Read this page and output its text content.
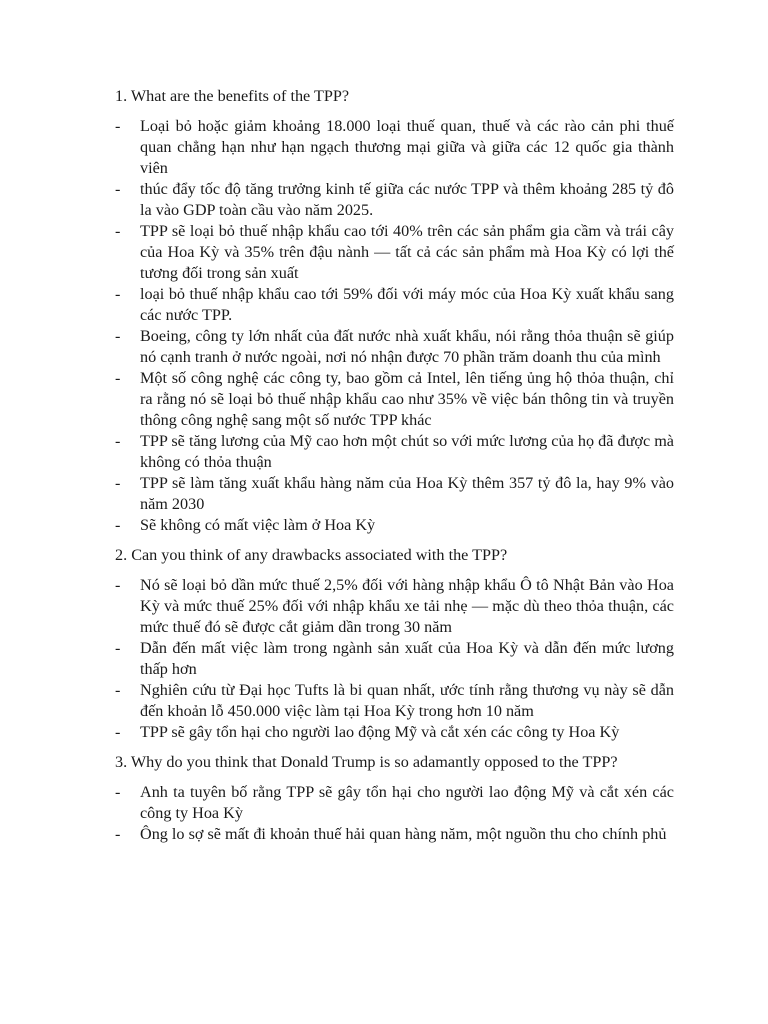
1. What are the benefits of the TPP?

- Loại bỏ hoặc giảm khoảng 18.000 loại thuế quan, thuế và các rào cản phi thuế quan chẳng hạn như hạn ngạch thương mại giữa và giữa các 12 quốc gia thành viên
- thúc đẩy tốc độ tăng trưởng kinh tế giữa các nước TPP và thêm khoảng 285 tỷ đô la vào GDP toàn cầu vào năm 2025.
- TPP sẽ loại bỏ thuế nhập khẩu cao tới 40% trên các sản phẩm gia cầm và trái cây của Hoa Kỳ và 35% trên đậu nành — tất cả các sản phẩm mà Hoa Kỳ có lợi thế tương đối trong sản xuất
- loại bỏ thuế nhập khẩu cao tới 59% đối với máy móc của Hoa Kỳ xuất khẩu sang các nước TPP.
- Boeing, công ty lớn nhất của đất nước nhà xuất khẩu, nói rằng thỏa thuận sẽ giúp nó cạnh tranh ở nước ngoài, nơi nó nhận được 70 phần trăm doanh thu của mình
- Một số công nghệ các công ty, bao gồm cả Intel, lên tiếng ủng hộ thỏa thuận, chỉ ra rằng nó sẽ loại bỏ thuế nhập khẩu cao như 35% về việc bán thông tin và truyền thông công nghệ sang một số nước TPP khác
- TPP sẽ tăng lương của Mỹ cao hơn một chút so với mức lương của họ đã được mà không có thỏa thuận
- TPP sẽ làm tăng xuất khẩu hàng năm của Hoa Kỳ thêm 357 tỷ đô la, hay 9% vào năm 2030
- Sẽ không có mất việc làm ở Hoa Kỳ

2. Can you think of any drawbacks associated with the TPP?

- Nó sẽ loại bỏ dần mức thuế 2,5% đối với hàng nhập khẩu Ô tô Nhật Bản vào Hoa Kỳ và mức thuế 25% đối với nhập khẩu xe tải nhẹ — mặc dù theo thỏa thuận, các mức thuế đó sẽ được cắt giảm dần trong 30 năm
- Dẫn đến mất việc làm trong ngành sản xuất của Hoa Kỳ và dẫn đến mức lương thấp hơn
- Nghiên cứu từ Đại học Tufts là bi quan nhất, ước tính rằng thương vụ này sẽ dẫn đến khoản lỗ 450.000 việc làm tại Hoa Kỳ trong hơn 10 năm
- TPP sẽ gây tổn hại cho người lao động Mỹ và cắt xén các công ty Hoa Kỳ

3. Why do you think that Donald Trump is so adamantly opposed to the TPP?

- Anh ta tuyên bố rằng TPP sẽ gây tổn hại cho người lao động Mỹ và cắt xén các công ty Hoa Kỳ
- Ông lo sợ sẽ mất đi khoản thuế hải quan hàng năm, một nguồn thu cho chính phủ
